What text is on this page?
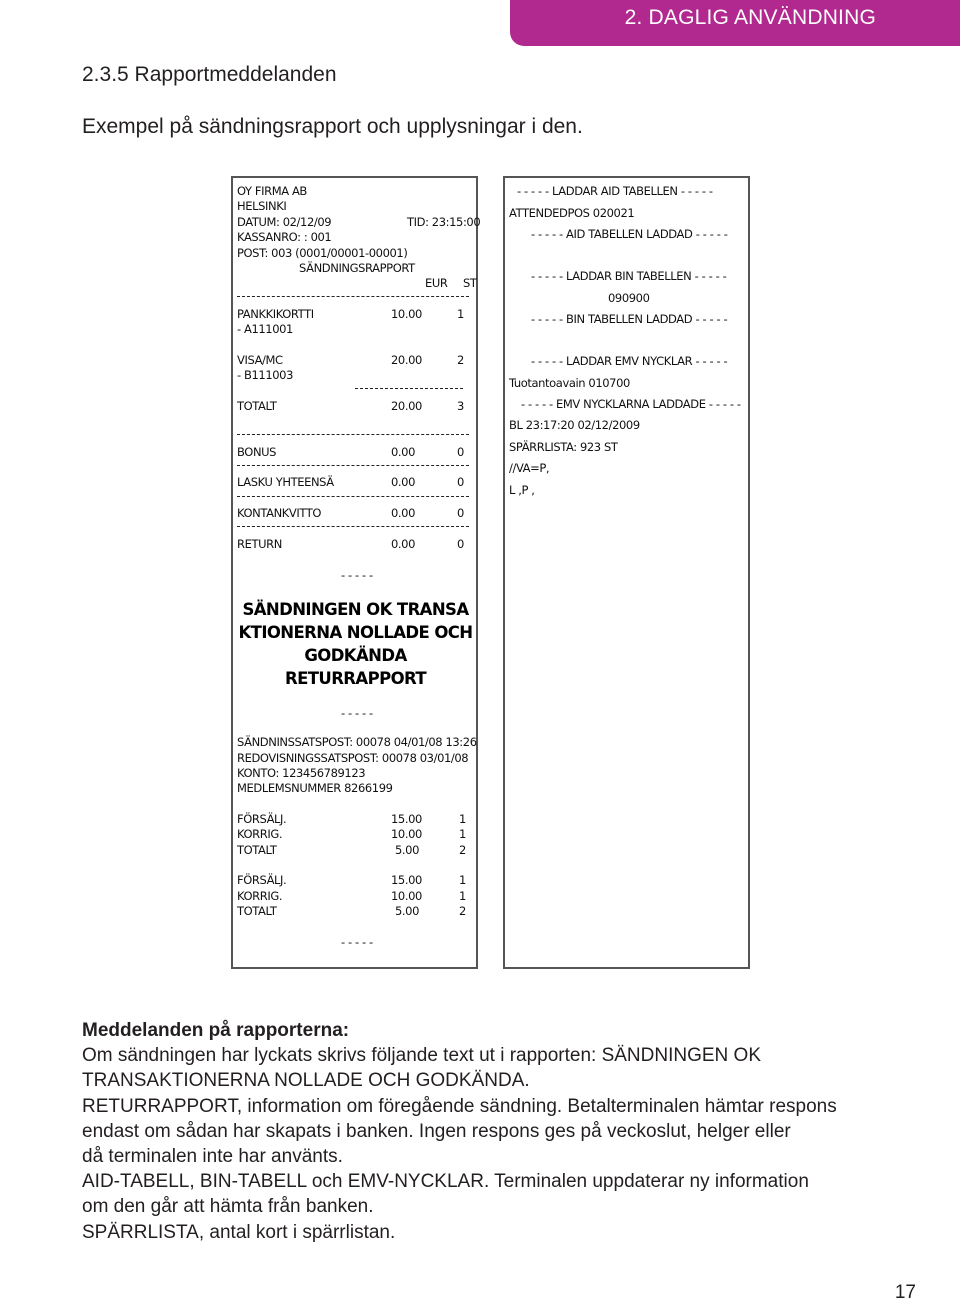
2. DAGLIG ANVÄNDNING
2.3.5 Rapportmeddelanden
Exempel på sändningsrapport och upplysningar i den.
OY FIRMA AB
HELSINKI
DATUM: 02/12/09	TID: 23:15:00
KASSANRO: : 001
POST: 003 (0001/00001-00001)
SÄNDNINGSRAPPORT
EUR ST
PANKKIKORTTI	10.00	1
- A111001
VISA/MC	20.00	2
- B111003
TOTALT	20.00	3
BONUS	0.00	0
LASKU YHTEENSÄ	0.00	0
KONTANKVITTO	0.00	0
RETURN	0.00	0
- - - - -
SÄNDNINGEN OK TRANSA
KTIONERNA NOLLADE OCH
GODKÄNDA
RETURRAPPORT
- - - - -
SÄNDNINSSATSPOST: 00078 04/01/08 13:26
REDOVISNINGSSATSPOST: 00078 03/01/08
KONTO: 123456789123
MEDLEMSNUMMER 8266199
FÖRSÄLJ.	15.00	1
KORRIG.	10.00	1
TOTALT	5.00	2
FÖRSÄLJ.	15.00	1
KORRIG.	10.00	1
TOTALT	5.00	2
- - - - -
- - - - - LADDAR AID TABELLEN - - - - -
ATTENDEDPOS 020021
- - - - - AID TABELLEN LADDAD - - - - -
- - - - - LADDAR BIN TABELLEN - - - - -
090900
- - - - - BIN TABELLEN LADDAD - - - - -
- - - - - LADDAR EMV NYCKLAR - - - - -
Tuotantoavain 010700
- - - - - EMV NYCKLARNA LADDADE - - - - -
BL 23:17:20 02/12/2009
SPÄRRLISTA: 923 ST
//VA=P,
L ,P ,
Meddelanden på rapporterna:
Om sändningen har lyckats skrivs följande text ut i rapporten: SÄNDNINGEN OK
TRANSAKTIONERNA NOLLADE OCH GODKÄNDA.
RETURRAPPORT, information om föregående sändning. Betalterminalen hämtar respons
endast om sådan har skapats i banken. Ingen respons ges på veckoslut, helger eller
då terminalen inte har använts.
AID-TABELL, BIN-TABELL och EMV-NYCKLAR. Terminalen uppdaterar ny information
om den går att hämta från banken.
SPÄRRLISTA, antal kort i spärrlistan.
17
